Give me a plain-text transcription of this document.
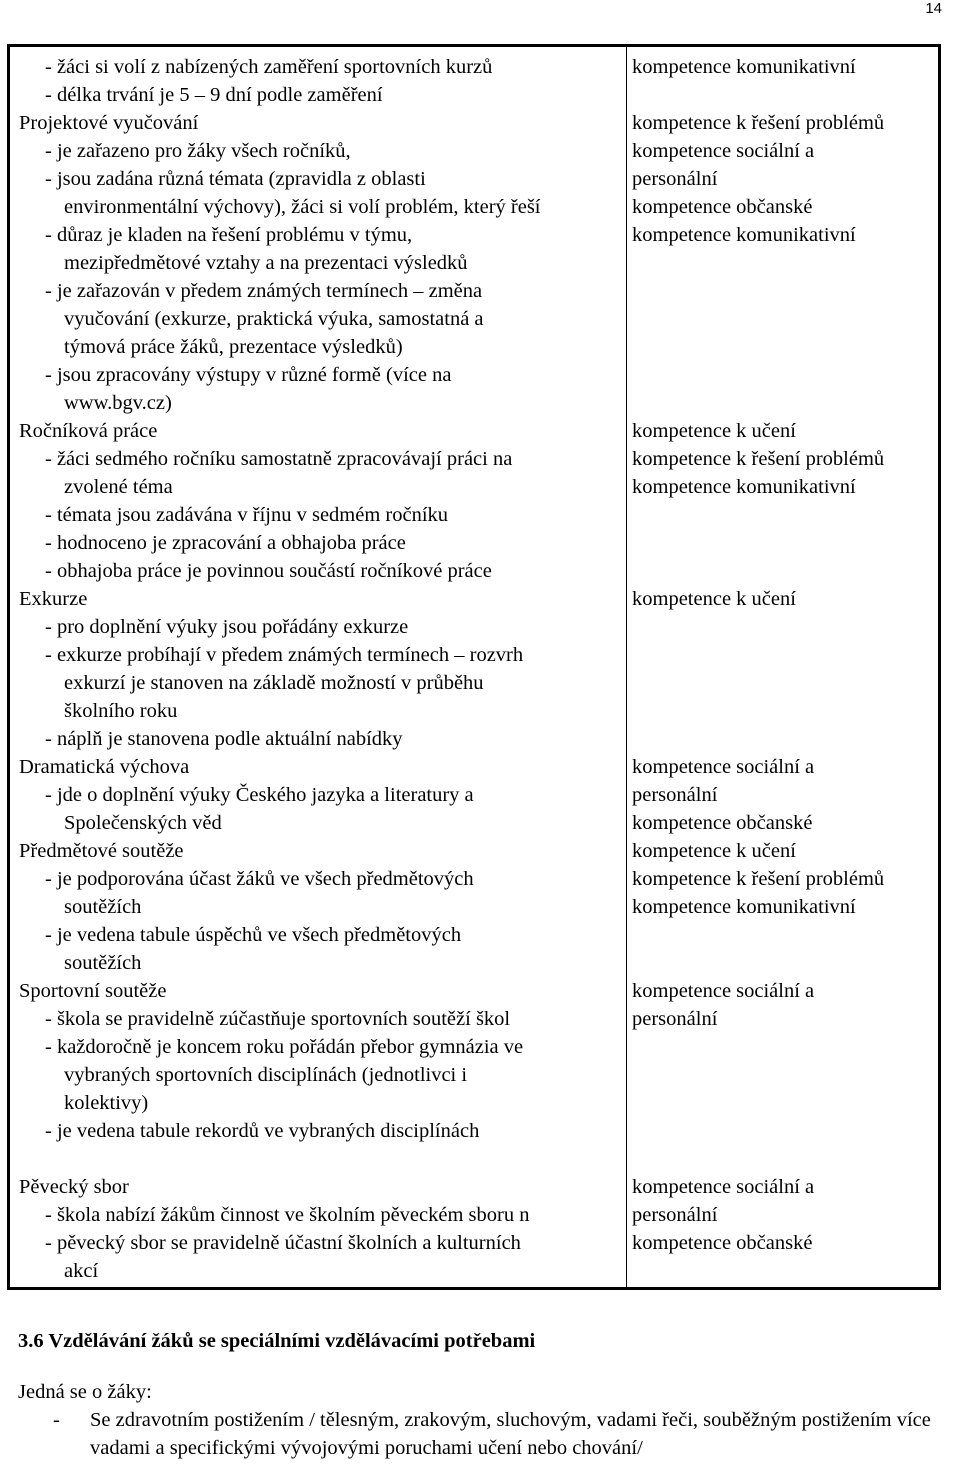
14
- žáci si volí z nabízených zaměření sportovních kurzů
- délka trvání je 5 – 9 dní podle zaměření
Projektové vyučování
- je zařazeno pro žáky všech ročníků,
- jsou zadána různá témata (zpravidla z oblasti
environmentální výchovy), žáci si volí problém, který řeší
- důraz je kladen na řešení problému v týmu,
mezipředmětové vztahy a na prezentaci výsledků
- je zařazován v předem známých termínech – změna
vyučování (exkurze, praktická výuka, samostatná a
týmová práce žáků, prezentace výsledků)
- jsou zpracovány výstupy v různé formě (více na
www.bgv.cz)
Ročníková práce
- žáci sedmého ročníku samostatně zpracovávají práci na
zvolené téma
- témata jsou zadávána v říjnu v sedmém ročníku
- hodnoceno je zpracování a obhajoba práce
- obhajoba práce je povinnou součástí ročníkové práce
Exkurze
- pro doplnění výuky jsou pořádány exkurze
- exkurze probíhají v předem známých termínech – rozvrh
exkurzí je stanoven na základě možností v průběhu
školního roku
- náplň je stanovena podle aktuální nabídky
Dramatická výchova
- jde o doplnění výuky Českého jazyka a literatury a
Společenských věd
Předmětové soutěže
- je podporována účast žáků ve všech předmětových
soutěžích
- je vedena tabule úspěchů ve všech předmětových
soutěžích
Sportovní soutěže
- škola se pravidelně zúčastňuje sportovních soutěží škol
- každoročně je koncem roku pořádán přebor gymnázia ve
vybraných sportovních disciplínách (jednotlivci i
kolektivy)
- je vedena tabule rekordů ve vybraných disciplínách
Pěvecký sbor
- škola nabízí žákům činnost ve školním pěveckém sboru n
- pěvecký sbor se pravidelně účastní školních a kulturních
akcí
kompetence komunikativní
kompetence k řešení problémů
kompetence sociální a
personální
kompetence občanské
kompetence komunikativní
kompetence k učení
kompetence k řešení problémů
kompetence komunikativní
kompetence k učení
kompetence sociální a
personální
kompetence občanské
kompetence k učení
kompetence k řešení problémů
kompetence komunikativní
kompetence sociální a
personální
kompetence sociální a
personální
kompetence občanské
3.6 Vzdělávání žáků se speciálními vzdělávacími potřebami
Jedná se o žáky:
-	Se zdravotním postižením / tělesným, zrakovým, sluchovým, vadami řeči, souběžným postižením více vadami a specifickými vývojovými poruchami učení nebo chování/
